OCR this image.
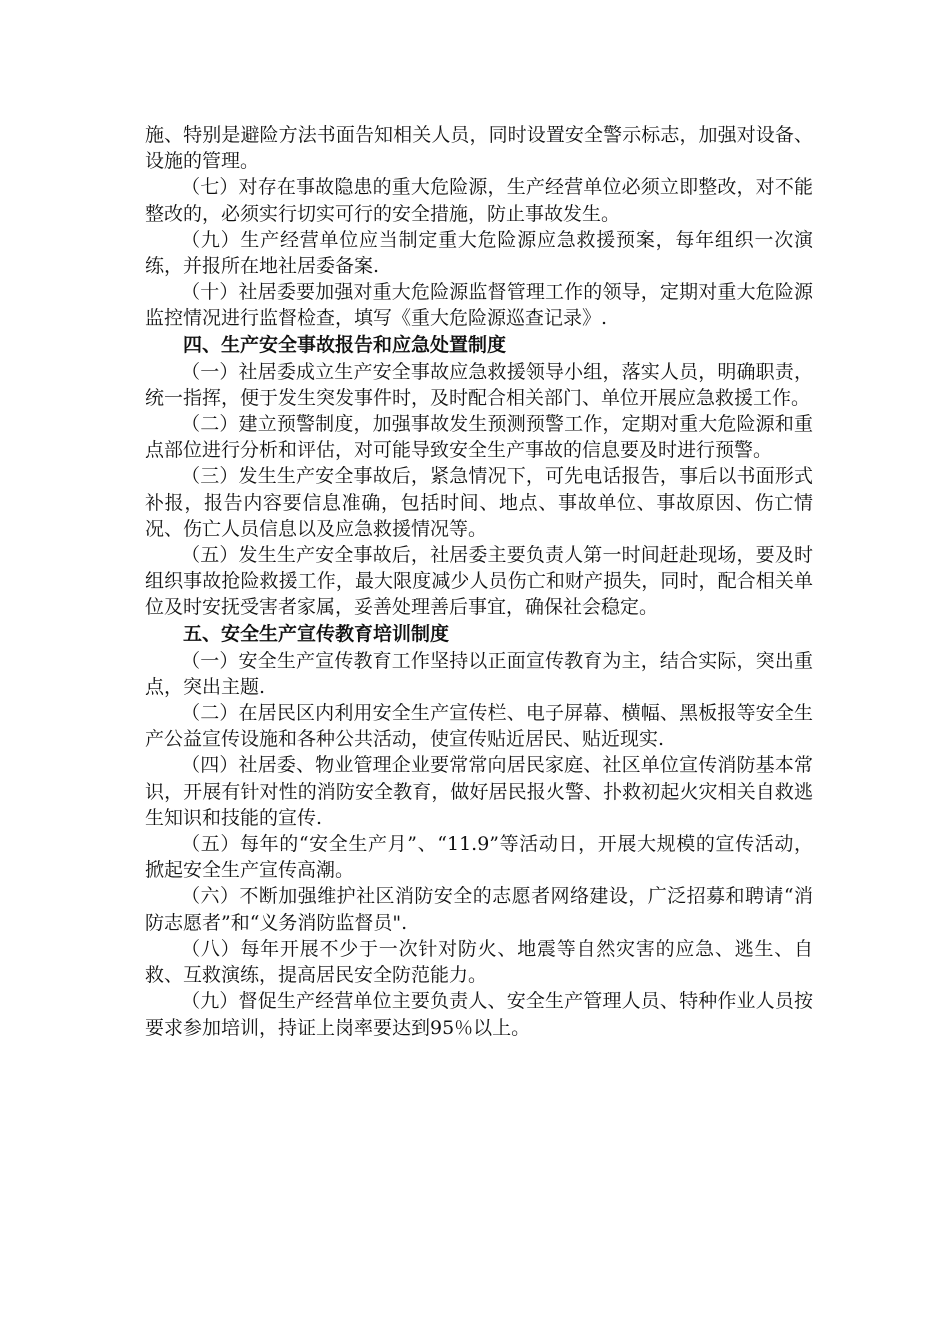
施、特别是避险方法书面告知相关人员，同时设置安全警示标志，加强对设备、设施的管理。

（七）对存在事故隐患的重大危险源，生产经营单位必须立即整改，对不能整改的，必须实行切实可行的安全措施，防止事故发生。

（九）生产经营单位应当制定重大危险源应急救援预案，每年组织一次演练，并报所在地社居委备案.

（十）社居委要加强对重大危险源监督管理工作的领导，定期对重大危险源监控情况进行监督检查，填写《重大危险源巡查记录》.

四、生产安全事故报告和应急处置制度

（一）社居委成立生产安全事故应急救援领导小组，落实人员，明确职责，统一指挥，便于发生突发事件时，及时配合相关部门、单位开展应急救援工作。

（二）建立预警制度，加强事故发生预测预警工作，定期对重大危险源和重点部位进行分析和评估，对可能导致安全生产事故的信息要及时进行预警。

（三）发生生产安全事故后，紧急情况下，可先电话报告，事后以书面形式补报，报告内容要信息准确，包括时间、地点、事故单位、事故原因、伤亡情况、伤亡人员信息以及应急救援情况等。

（五）发生生产安全事故后，社居委主要负责人第一时间赶赴现场，要及时组织事故抢险救援工作，最大限度减少人员伤亡和财产损失，同时，配合相关单位及时安抚受害者家属，妥善处理善后事宜，确保社会稳定。

五、安全生产宣传教育培训制度

（一）安全生产宣传教育工作坚持以正面宣传教育为主，结合实际，突出重点，突出主题.

（二）在居民区内利用安全生产宣传栏、电子屏幕、横幅、黑板报等安全生产公益宣传设施和各种公共活动，使宣传贴近居民、贴近现实.

（四）社居委、物业管理企业要常常向居民家庭、社区单位宣传消防基本常识，开展有针对性的消防安全教育，做好居民报火警、扑救初起火灾相关自救逃生知识和技能的宣传.

（五）每年的“安全生产月”、“11.9”等活动日，开展大规模的宣传活动，掀起安全生产宣传高潮。

（六）不断加强维护社区消防安全的志愿者网络建设，广泛招募和聘请“消防志愿者”和“义务消防监督员".

（八）每年开展不少于一次针对防火、地震等自然灾害的应急、逃生、自救、互救演练，提高居民安全防范能力。

（九）督促生产经营单位主要负责人、安全生产管理人员、特种作业人员按要求参加培训，持证上岗率要达到95％以上。
